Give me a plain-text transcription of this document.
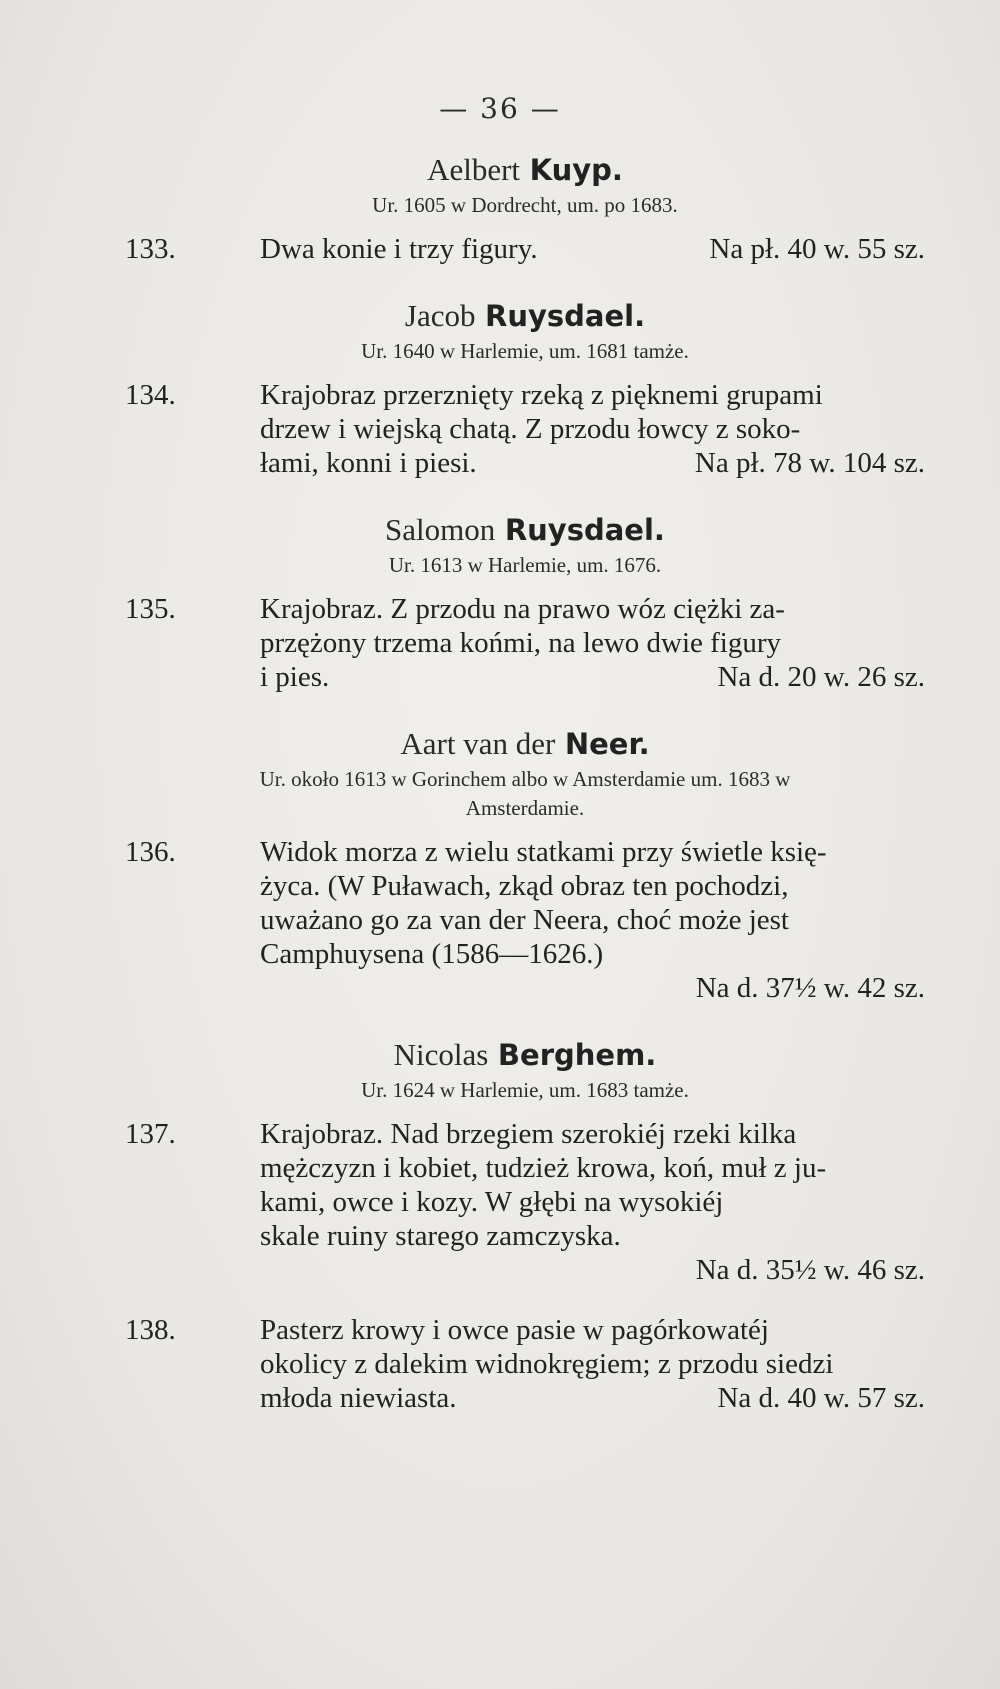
— 36 —
Aelbert Kuyp.
Ur. 1605 w Dordrecht, um. po 1683.
133.	Dwa konie i trzy figury.	Na pł. 40 w. 55 sz.
Jacob Ruysdael.
Ur. 1640 w Harlemie, um. 1681 tamże.
134.	Krajobraz przerznięty rzeką z pięknemi grupami
drzew i wiejską chatą. Z przodu łowcy z soko-
łami, konni i piesi.	Na pł. 78 w. 104 sz.
Salomon Ruysdael.
Ur. 1613 w Harlemie, um. 1676.
135.	Krajobraz. Z przodu na prawo wóz ciężki za-
przężony trzema końmi, na lewo dwie figury
i pies.	Na d. 20 w. 26 sz.
Aart van der Neer.
Ur. około 1613 w Gorinchem albo w Amsterdamie um. 1683 w Amsterdamie.
136.	Widok morza z wielu statkami przy świetle księ-
życa. (W Puławach, zkąd obraz ten pochodzi,
uważano go za van der Neera, choć może jest
Camphuysena (1586—1626.)
Na d. 37½ w. 42 sz.
Nicolas Berghem.
Ur. 1624 w Harlemie, um. 1683 tamże.
137.	Krajobraz. Nad brzegiem szerokiéj rzeki kilka
mężczyzn i kobiet, tudzież krowa, koń, muł z ju-
kami, owce i kozy. W głębi na wysokiéj
skale ruiny starego zamczyska.
Na d. 35½ w. 46 sz.
138.	Pasterz krowy i owce pasie w pagórkowatéj
okolicy z dalekim widnokręgiem; z przodu siedzi
młoda niewiasta.	Na d. 40 w. 57 sz.
